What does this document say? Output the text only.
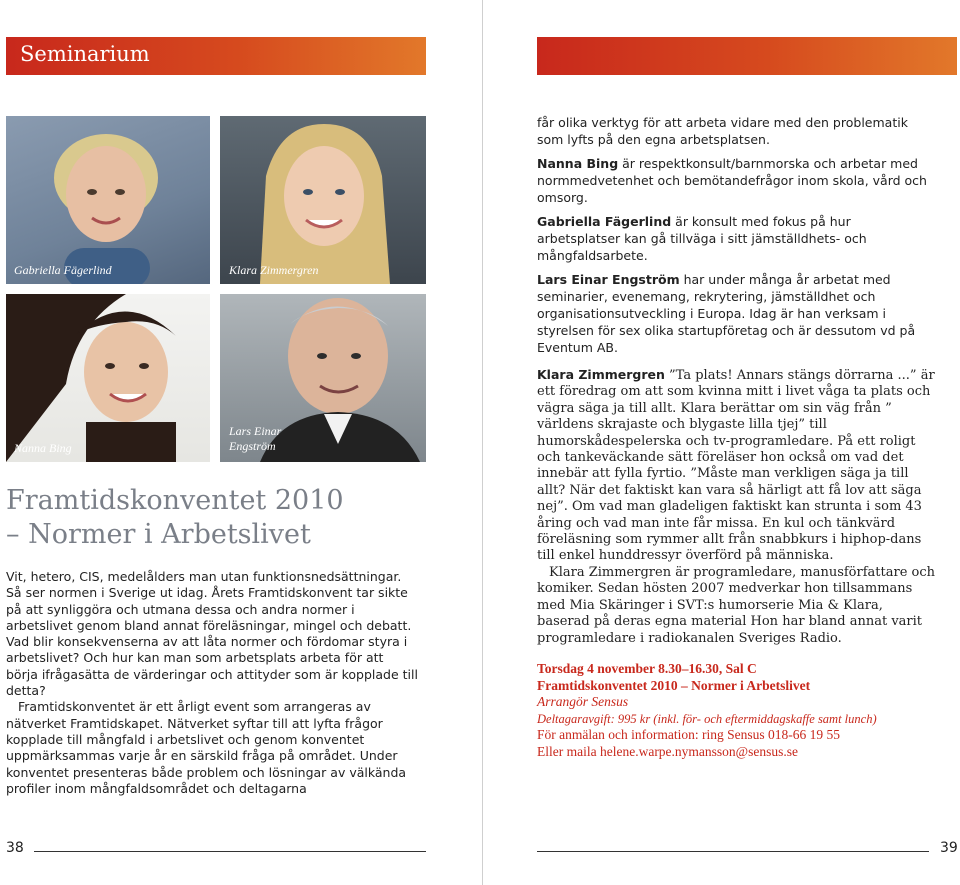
Seminarium
Gabriella Fägerlind	Klara Zimmergren
Nanna Bing
Lars Einar
Engström
Framtidskonventet 2010
– Normer i Arbetslivet

Vit, hetero, CIS, medelålders man utan funktionsnedsättningar. Så ser normen i Sverige ut idag. Årets Framtidskonvent tar sikte på att synliggöra och utmana dessa och andra normer i arbetslivet genom bland annat föreläsningar, mingel och debatt. Vad blir konsekvenserna av att låta normer och fördomar styra i arbetslivet? Och hur kan man som arbetsplats arbeta för att börja ifrågasätta de värderingar och attityder som är kopplade till detta?

Framtidskonventet är ett årligt event som arrangeras av nätverket Framtidskapet. Nätverket syftar till att lyfta frågor kopplade till mångfald i arbetslivet och genom konventet uppmärksammas varje år en särskild fråga på området. Under konventet presenteras både problem och lösningar av välkända profiler inom mångfaldsområdet och deltagarna

38

får olika verktyg för att arbeta vidare med den problematik som lyfts på den egna arbetsplatsen.

Nanna Bing är respektkonsult/barnmorska och arbetar med normmedvetenhet och bemötandefrågor inom skola, vård och omsorg.

Gabriella Fägerlind är konsult med fokus på hur arbetsplatser kan gå tillväga i sitt jämställdhets- och mångfaldsarbete.

Lars Einar Engström har under många år arbetat med seminarier, evenemang, rekrytering, jämställdhet och organisationsutveckling i Europa. Idag är han verksam i styrelsen för sex olika startupföretag och är dessutom vd på Eventum AB.

Klara Zimmergren ”Ta plats! Annars stängs dörrarna ...” är ett föredrag om att som kvinna mitt i livet våga ta plats och vägra säga ja till allt. Klara berättar om sin väg från ” världens skrajaste och blygaste lilla tjej” till humorskådespelerska och tv-programledare. På ett roligt och tankeväckande sätt föreläser hon också om vad det innebär att fylla fyrtio. ”Måste man verkligen säga ja till allt? När det faktiskt kan vara så härligt att få lov att säga nej”. Om vad man gladeligen faktiskt kan strunta i som 43 åring och vad man inte får missa. En kul och tänkvärd föreläsning som rymmer allt från snabbkurs i hiphop-dans till enkel hunddressyr överförd på människa.

Klara Zimmergren är programledare, manusförfattare och komiker. Sedan hösten 2007 medverkar hon tillsammans med Mia Skäringer i SVT:s humorserie Mia & Klara, baserad på deras egna material Hon har bland annat varit programledare i radiokanalen Sveriges Radio.

Torsdag 4 november 8.30–16.30, Sal C
Framtidskonventet 2010 – Normer i Arbetslivet
Arrangör Sensus
Deltagaravgift: 995 kr (inkl. för- och eftermiddagskaffe samt lunch)
För anmälan och information: ring Sensus 018-66 19 55
Eller maila helene.warpe.nymansson@sensus.se
39
